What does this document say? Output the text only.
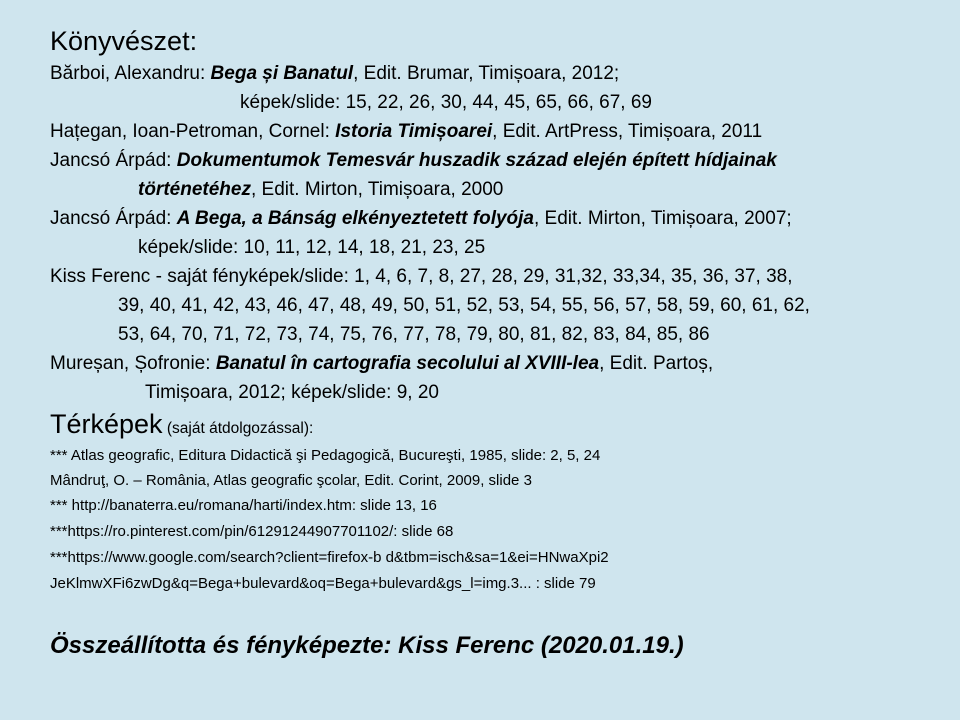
Könyvészet:
Bărboi, Alexandru: Bega și Banatul, Edit. Brumar, Timișoara, 2012;
képek/slide: 15, 22, 26, 30, 44, 45, 65, 66, 67, 69
Hațegan, Ioan-Petroman, Cornel: Istoria Timișoarei, Edit. ArtPress, Timișoara, 2011
Jancsó Árpád: Dokumentumok Temesvár huszadik század elején épített hídjainak
történetéhez, Edit. Mirton, Timișoara, 2000
Jancsó Árpád: A Bega, a Bánság elkényeztetett folyója, Edit. Mirton, Timișoara, 2007;
képek/slide: 10, 11, 12, 14, 18, 21, 23, 25
Kiss Ferenc - saját fényképek/slide: 1, 4, 6, 7, 8, 27, 28, 29, 31,32, 33,34, 35, 36, 37, 38,
39, 40, 41, 42, 43, 46, 47, 48, 49, 50, 51, 52, 53, 54, 55, 56, 57, 58, 59, 60, 61, 62,
53, 64, 70, 71, 72, 73, 74, 75, 76, 77, 78, 79, 80, 81, 82, 83, 84, 85, 86
Mureșan, Șofronie: Banatul în cartografia secolului al XVIII-lea, Edit. Partoș,
Timișoara, 2012; képek/slide: 9, 20
Térképek (saját átdolgozással):
*** Atlas geografic, Editura Didactică şi Pedagogică, Bucureşti, 1985, slide: 2, 5, 24
Mândruţ, O. – România, Atlas geografic şcolar, Edit. Corint, 2009, slide 3
*** http://banaterra.eu/romana/harti/index.htm: slide 13, 16
***https://ro.pinterest.com/pin/61291244907701102/: slide 68
***https://www.google.com/search?client=firefox-b d&tbm=isch&sa=1&ei=HNwaXpi2
JeKlmwXFi6zwDg&q=Bega+bulevard&oq=Bega+bulevard&gs_l=img.3... : slide 79
Összeállította és fényképezte: Kiss Ferenc (2020.01.19.)
